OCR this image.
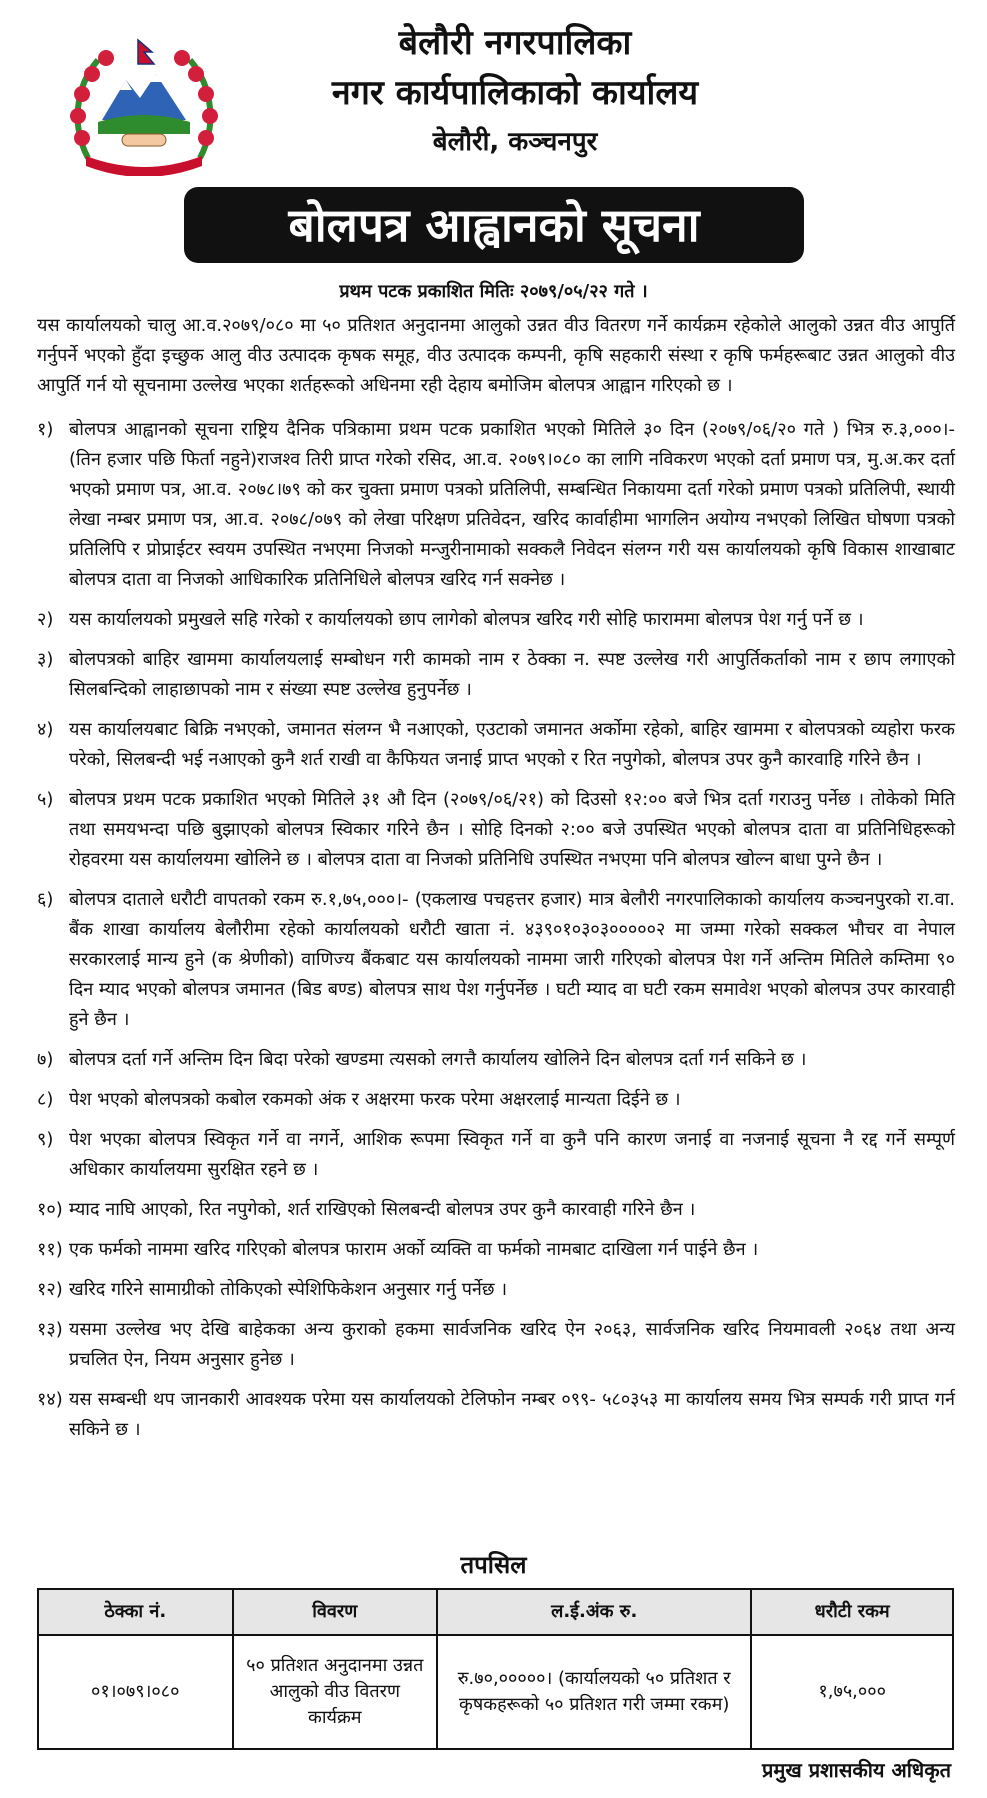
बेलौरी नगरपालिका
नगर कार्यपालिकाको कार्यालय
बेलौरी, कञ्चनपुर
बोलपत्र आह्वानको सूचना
प्रथम पटक प्रकाशित मितिः २०७९/०५/२२ गते ।

यस कार्यालयको चालु आ.व.२०७९/०८० मा ५० प्रतिशत अनुदानमा आलुको उन्नत वीउ वितरण गर्ने कार्यक्रम रहेकोले आलुको उन्नत वीउ आपुर्ति गर्नुपर्ने भएको हुँदा इच्छुक आलु वीउ उत्पादक कृषक समूह, वीउ उत्पादक कम्पनी, कृषि सहकारी संस्था र कृषि फर्महरूबाट उन्नत आलुको वीउ आपुर्ति गर्न यो सूचनामा उल्लेख भएका शर्तहरूको अधिनमा रही देहाय बमोजिम बोलपत्र आह्वान गरिएको छ ।

१) बोलपत्र आह्वानको सूचना राष्ट्रिय दैनिक पत्रिकामा प्रथम पटक प्रकाशित भएको मितिले ३० दिन (२०७९/०६/२० गते ) भित्र रु.३,०००।- (तिन हजार पछि फिर्ता नहुने)राजश्व तिरी प्राप्त गरेको रसिद, आ.व. २०७९।०८० का लागि नविकरण भएको दर्ता प्रमाण पत्र, मु.अ.कर दर्ता भएको प्रमाण पत्र, आ.व. २०७८।७९ को कर चुक्ता प्रमाण पत्रको प्रतिलिपी, सम्बन्धित निकायमा दर्ता गरेको प्रमाण पत्रको प्रतिलिपी, स्थायी लेखा नम्बर प्रमाण पत्र, आ.व. २०७८/०७९ को लेखा परिक्षण प्रतिवेदन, खरिद कार्वाहीमा भागलिन अयोग्य नभएको लिखित घोषणा पत्रको प्रतिलिपि र प्रोप्राईटर स्वयम उपस्थित नभएमा निजको मन्जुरीनामाको सक्कलै निवेदन संलग्न गरी यस कार्यालयको कृषि विकास शाखाबाट बोलपत्र दाता वा निजको आधिकारिक प्रतिनिधिले बोलपत्र खरिद गर्न सक्नेछ ।
२) यस कार्यालयको प्रमुखले सहि गरेको र कार्यालयको छाप लागेको बोलपत्र खरिद गरी सोहि फाराममा बोलपत्र पेश गर्नु पर्ने छ ।
३) बोलपत्रको बाहिर खाममा कार्यालयलाई सम्बोधन गरी कामको नाम र ठेक्का न. स्पष्ट उल्लेख गरी आपुर्तिकर्ताको नाम र छाप लगाएको सिलबन्दिको लाहाछापको नाम र संख्या स्पष्ट उल्लेख हुनुपर्नेछ ।
४) यस कार्यालयबाट बिक्रि नभएको, जमानत संलग्न भै नआएको, एउटाको जमानत अर्कोमा रहेको, बाहिर खाममा र बोलपत्रको व्यहोरा फरक परेको, सिलबन्दी भई नआएको कुनै शर्त राखी वा कैफियत जनाई प्राप्त भएको र रित नपुगेको, बोलपत्र उपर कुनै कारवाहि गरिने छैन ।
५) बोलपत्र प्रथम पटक प्रकाशित भएको मितिले ३१ औ दिन (२०७९/०६/२१) को दिउसो १२:०० बजे भित्र दर्ता गराउनु पर्नेछ । तोकेको मिति तथा समयभन्दा पछि बुझाएको बोलपत्र स्विकार गरिने छैन । सोहि दिनको २:०० बजे उपस्थित भएको बोलपत्र दाता वा प्रतिनिधिहरूको रोहवरमा यस कार्यालयमा खोलिने छ । बोलपत्र दाता वा निजको प्रतिनिधि उपस्थित नभएमा पनि बोलपत्र खोल्न बाधा पुग्ने छैन ।
६) बोलपत्र दाताले धरौटी वापतको रकम रु.१,७५,०००।- (एकलाख पचहत्तर हजार) मात्र बेलौरी नगरपालिकाको कार्यालय कञ्चनपुरको रा.वा. बैंक शाखा कार्यालय बेलौरीमा रहेको कार्यालयको धरौटी खाता नं. ४३९०१०३०३०००००२ मा जम्मा गरेको सक्कल भौचर वा नेपाल सरकारलाई मान्य हुने (क श्रेणीको) वाणिज्य बैंकबाट यस कार्यालयको नाममा जारी गरिएको बोलपत्र पेश गर्ने अन्तिम मितिले कम्तिमा ९० दिन म्याद भएको बोलपत्र जमानत (बिड बण्ड) बोलपत्र साथ पेश गर्नुपर्नेछ । घटी म्याद वा घटी रकम समावेश भएको बोलपत्र उपर कारवाही हुने छैन ।
७) बोलपत्र दर्ता गर्ने अन्तिम दिन बिदा परेको खण्डमा त्यसको लगत्तै कार्यालय खोलिने दिन बोलपत्र दर्ता गर्न सकिने छ ।
८) पेश भएको बोलपत्रको कबोल रकमको अंक र अक्षरमा फरक परेमा अक्षरलाई मान्यता दिईने छ ।
९) पेश भएका बोलपत्र स्विकृत गर्ने वा नगर्ने, आशिक रूपमा स्विकृत गर्ने वा कुनै पनि कारण जनाई वा नजनाई सूचना नै रद्द गर्ने सम्पूर्ण अधिकार कार्यालयमा सुरक्षित रहने छ ।
१०) म्याद नाघि आएको, रित नपुगेको, शर्त राखिएको सिलबन्दी बोलपत्र उपर कुनै कारवाही गरिने छैन ।
११) एक फर्मको नाममा खरिद गरिएको बोलपत्र फाराम अर्को व्यक्ति वा फर्मको नामबाट दाखिला गर्न पाईने छैन ।
१२) खरिद गरिने सामाग्रीको तोकिएको स्पेशिफिकेशन अनुसार गर्नु पर्नेछ ।
१३) यसमा उल्लेख भए देखि बाहेकका अन्य कुराको हकमा सार्वजनिक खरिद ऐन २०६३, सार्वजनिक खरिद नियमावली २०६४ तथा अन्य प्रचलित ऐन, नियम अनुसार हुनेछ ।
१४) यस सम्बन्धी थप जानकारी आवश्यक परेमा यस कार्यालयको टेलिफोन नम्बर ०९९- ५८०३५३ मा कार्यालय समय भित्र सम्पर्क गरी प्राप्त गर्न सकिने छ ।
तपसिल
ठेक्का नं.	विवरण	ल.ई.अंक रु.	धरौटी रकम
०१।०७९।०८०	५० प्रतिशत अनुदानमा उन्नत आलुको वीउ वितरण कार्यक्रम	रु.७०,०००००। (कार्यालयको ५० प्रतिशत र कृषकहरूको ५० प्रतिशत गरी जम्मा रकम)	१,७५,०००
प्रमुख प्रशासकीय अधिकृत
